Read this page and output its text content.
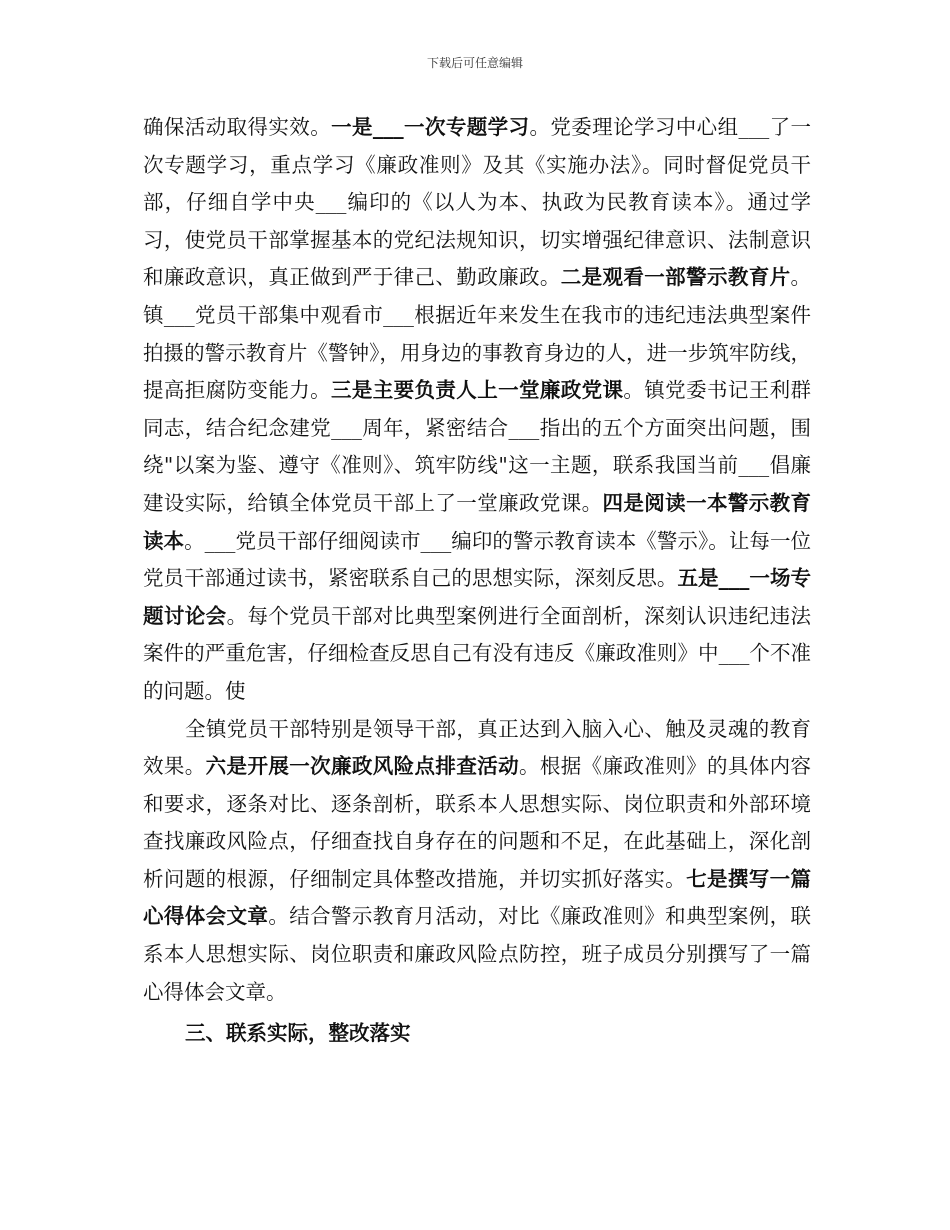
下载后可任意编辑

确保活动取得实效。一是___一次专题学习。党委理论学习中心组___了一次专题学习，重点学习《廉政准则》及其《实施办法》。同时督促党员干部，仔细自学中央___编印的《以人为本、执政为民教育读本》。通过学习，使党员干部掌握基本的党纪法规知识，切实增强纪律意识、法制意识和廉政意识，真正做到严于律己、勤政廉政。二是观看一部警示教育片。镇___党员干部集中观看市___根据近年来发生在我市的违纪违法典型案件拍摄的警示教育片《警钟》，用身边的事教育身边的人，进一步筑牢防线，提高拒腐防变能力。三是主要负责人上一堂廉政党课。镇党委书记王利群同志，结合纪念建党___周年，紧密结合___指出的五个方面突出问题，围绕"以案为鉴、遵守《准则》、筑牢防线"这一主题，联系我国当前___倡廉建设实际，给镇全体党员干部上了一堂廉政党课。四是阅读一本警示教育读本。___党员干部仔细阅读市___编印的警示教育读本《警示》。让每一位党员干部通过读书，紧密联系自己的思想实际，深刻反思。五是___一场专题讨论会。每个党员干部对比典型案例进行全面剖析，深刻认识违纪违法案件的严重危害，仔细检查反思自己有没有违反《廉政准则》中___个不准的问题。使

全镇党员干部特别是领导干部，真正达到入脑入心、触及灵魂的教育效果。六是开展一次廉政风险点排查活动。根据《廉政准则》的具体内容和要求，逐条对比、逐条剖析，联系本人思想实际、岗位职责和外部环境查找廉政风险点，仔细查找自身存在的问题和不足，在此基础上，深化剖析问题的根源，仔细制定具体整改措施，并切实抓好落实。七是撰写一篇心得体会文章。结合警示教育月活动，对比《廉政准则》和典型案例，联系本人思想实际、岗位职责和廉政风险点防控，班子成员分别撰写了一篇心得体会文章。

三、联系实际，整改落实
